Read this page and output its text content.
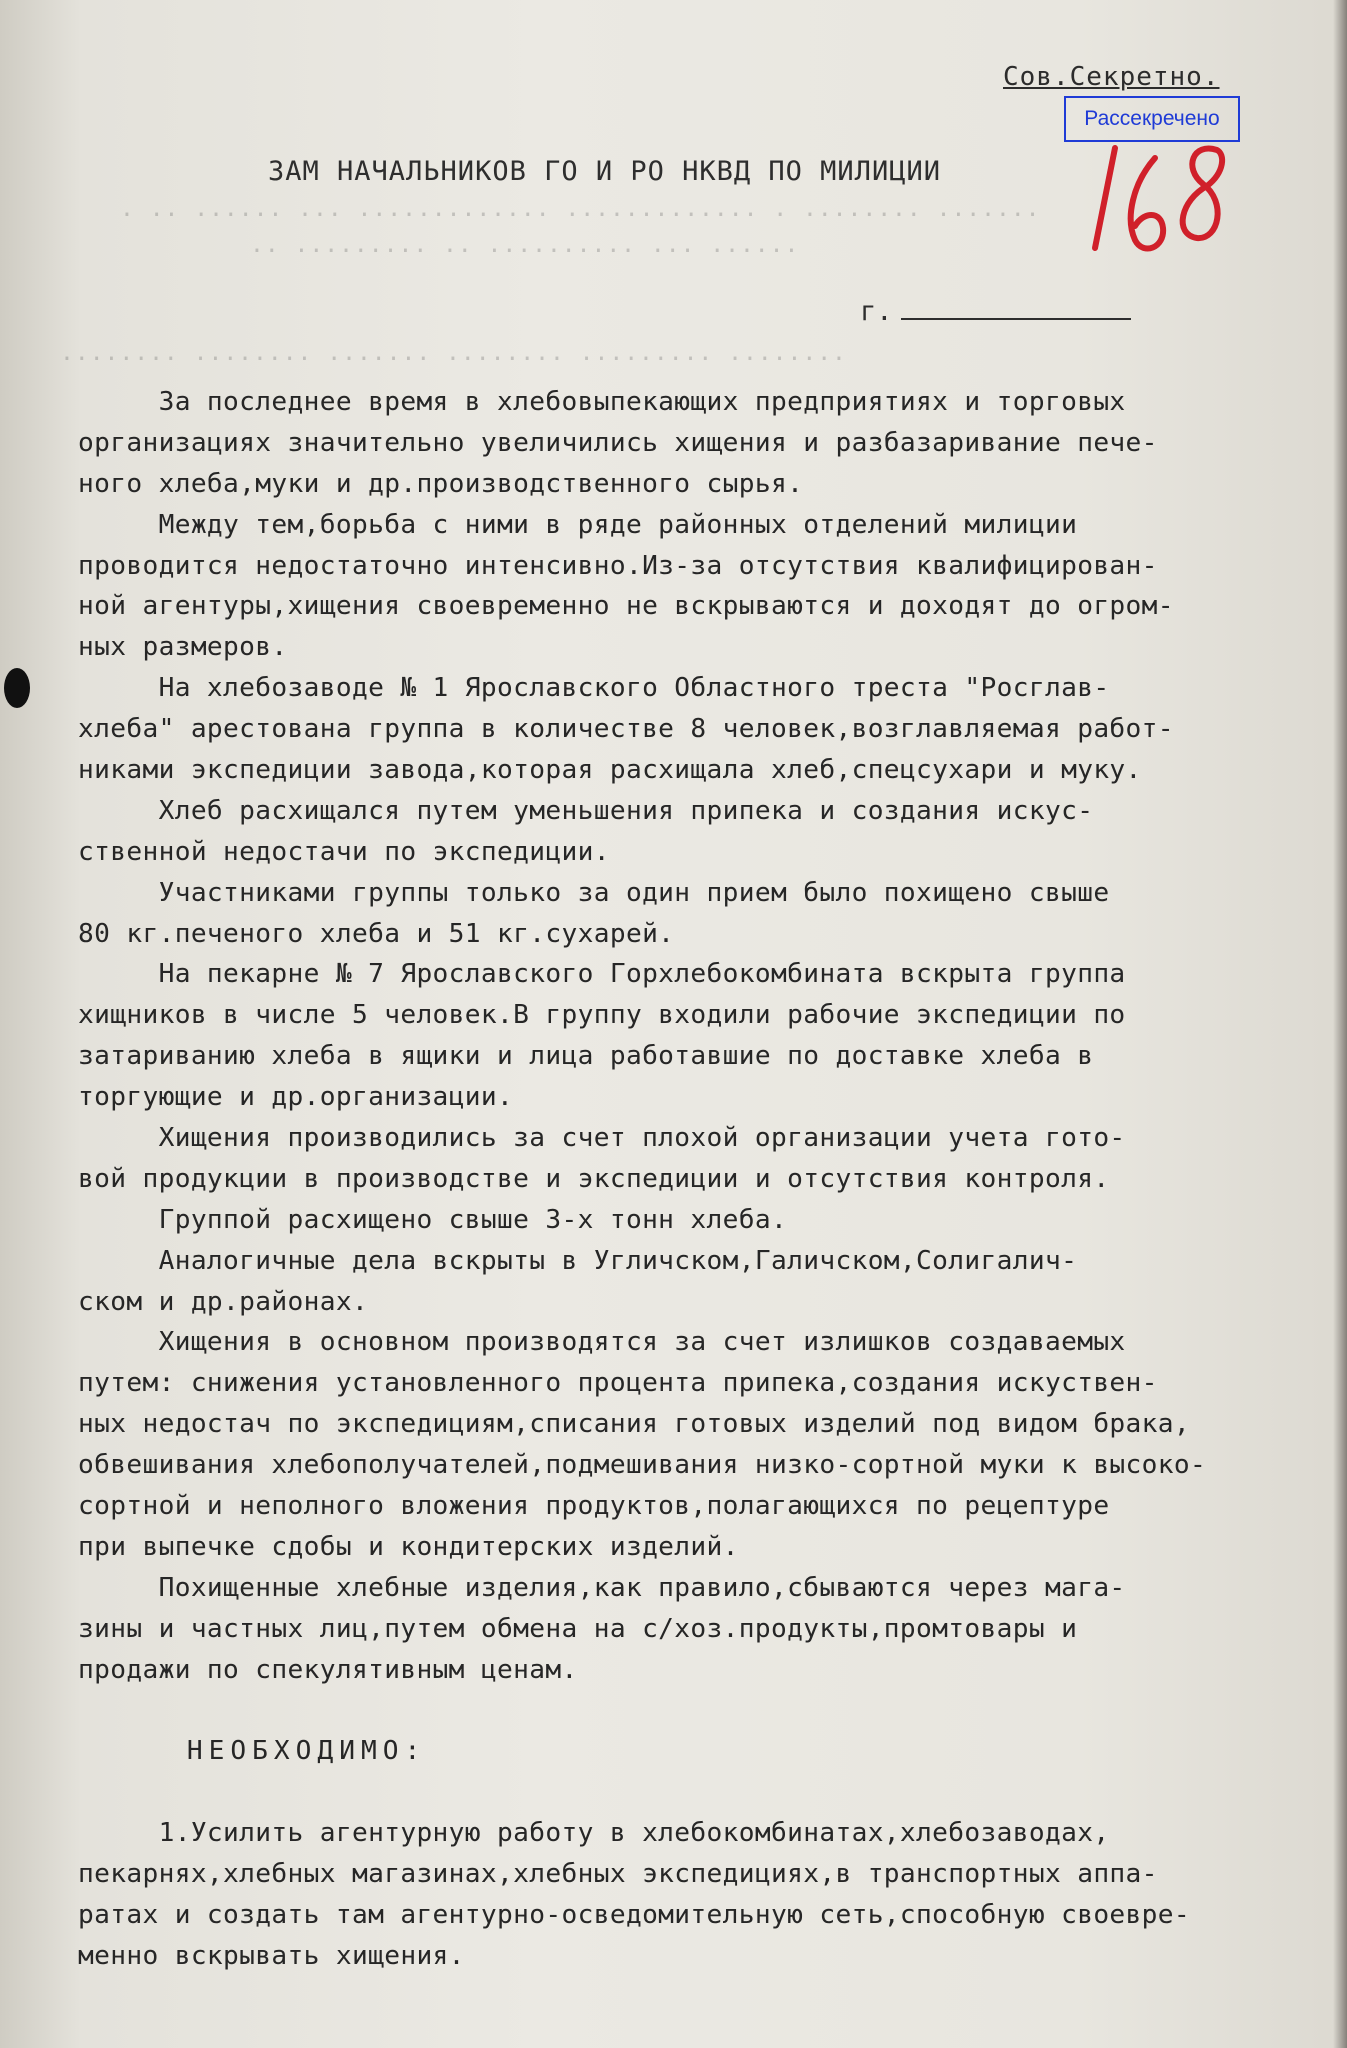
Сов.Секретно.
Рассекречено
ЗАМ НАЧАЛЬНИКОВ ГО И РО НКВД ПО МИЛИЦИИ
. .. ...... ... ............. ............. . ........ .......
.. ......... .. .......... ... ......
........ ........ ....... ........ ......... ........
г.
За последнее время в хлебовыпекающих предприятиях и торговых
организациях значительно увеличились хищения и разбазаривание пече-
ного хлеба,муки и др.производственного сырья.
Между тем,борьба с ними в ряде районных отделений милиции
проводится недостаточно интенсивно.Из-за отсутствия квалифицирован-
ной агентуры,хищения своевременно не вскрываются и доходят до огром-
ных размеров.
На хлебозаводе № 1 Ярославского Областного треста "Росглав-
хлеба" арестована группа в количестве 8 человек,возглавляемая работ-
никами экспедиции завода,которая расхищала хлеб,спецсухари и муку.
Хлеб расхищался путем уменьшения припека и создания искус-
ственной недостачи по экспедиции.
Участниками группы только за один прием было похищено свыше
80 кг.печеного хлеба и 51 кг.сухарей.
На пекарне № 7 Ярославского Горхлебокомбината вскрыта группа
хищников в числе 5 человек.В группу входили рабочие экспедиции по
затариванию хлеба в ящики и лица работавшие по доставке хлеба в
торгующие и др.организации.
Хищения производились за счет плохой организации учета гото-
вой продукции в производстве и экспедиции и отсутствия контроля.
Группой расхищено свыше 3-х тонн хлеба.
Аналогичные дела вскрыты в Угличском,Галичском,Солигалич-
ском и др.районах.
Хищения в основном производятся за счет излишков создаваемых
путем: снижения установленного процента припека,создания искуствен-
ных недостач по экспедициям,списания готовых изделий под видом брака,
обвешивания хлебополучателей,подмешивания низко-сортной муки к высоко-
сортной и неполного вложения продуктов,полагающихся по рецептуре
при выпечке сдобы и кондитерских изделий.
Похищенные хлебные изделия,как правило,сбываются через мага-
зины и частных лиц,путем обмена на с/хоз.продукты,промтовары и
продажи по спекулятивным ценам.
НЕОБХОДИМО:
1.Усилить агентурную работу в хлебокомбинатах,хлебозаводах,
пекарнях,хлебных магазинах,хлебных экспедициях,в транспортных аппа-
ратах и создать там агентурно-осведомительную сеть,способную своевре-
менно вскрывать хищения.
